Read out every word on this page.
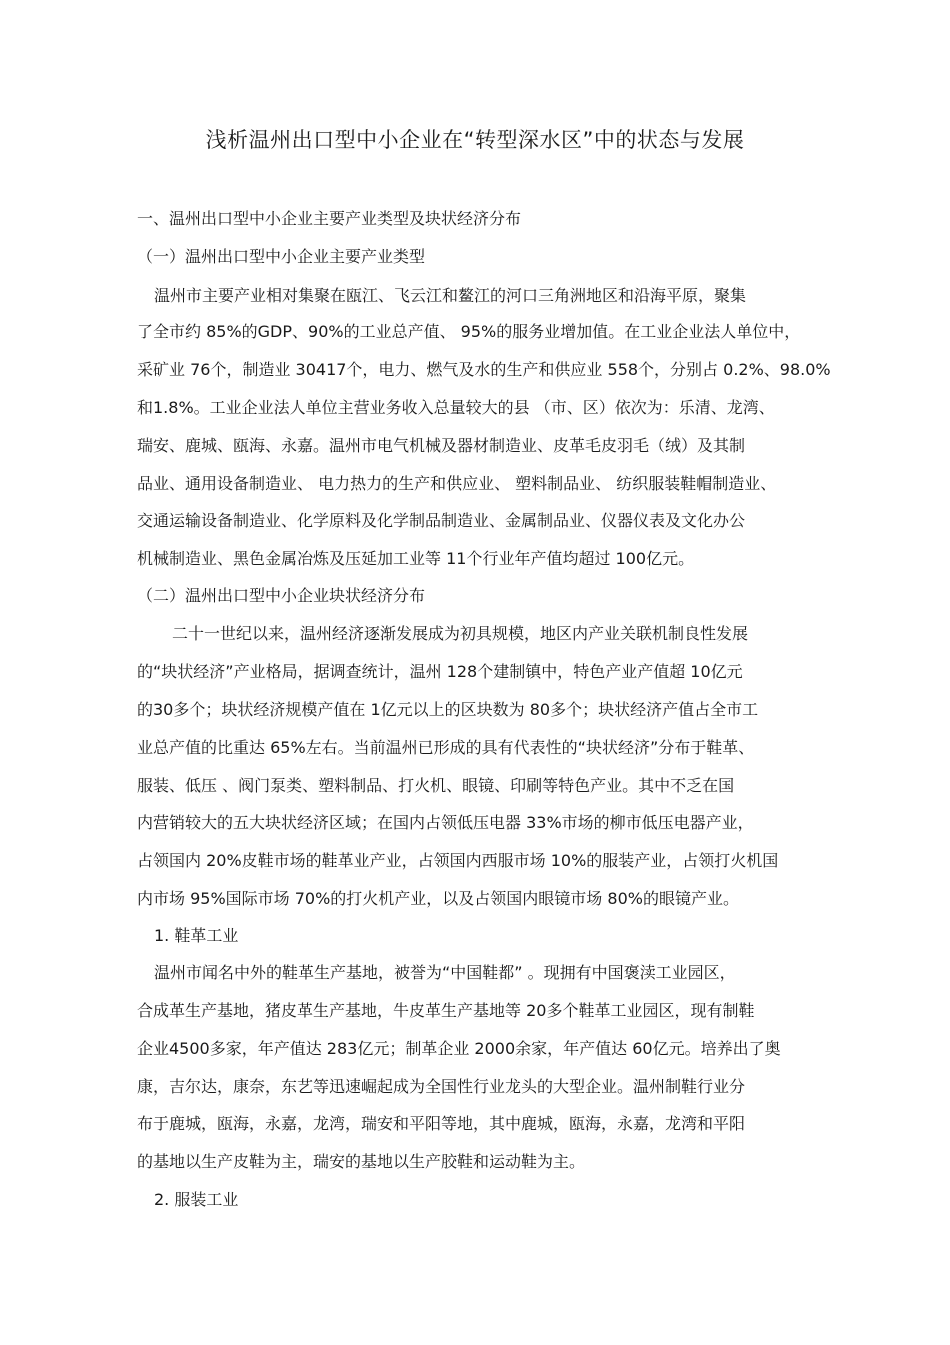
浅析温州出口型中小企业在“转型深水区”中的状态与发展
一、温州出口型中小企业主要产业类型及块状经济分布
（一）温州出口型中小企业主要产业类型
温州市主要产业相对集聚在瓯江、飞云江和鳌江的河口三角洲地区和沿海平原，聚集
了全市约 85%的GDP、90%的工业总产值、 95%的服务业增加值。在工业企业法人单位中，
采矿业 76个，制造业 30417个，电力、燃气及水的生产和供应业 558个，分别占 0.2%、98.0%
和1.8%。工业企业法人单位主营业务收入总量较大的县 （市、区）依次为：乐清、龙湾、
瑞安、鹿城、瓯海、永嘉。温州市电气机械及器材制造业、皮革毛皮羽毛（绒）及其制
品业、通用设备制造业、 电力热力的生产和供应业、 塑料制品业、 纺织服装鞋帽制造业、
交通运输设备制造业、化学原料及化学制品制造业、金属制品业、仪器仪表及文化办公
机械制造业、黑色金属冶炼及压延加工业等 11个行业年产值均超过 100亿元。
（二）温州出口型中小企业块状经济分布
二十一世纪以来，温州经济逐渐发展成为初具规模，地区内产业关联机制良性发展
的“块状经济”产业格局，据调查统计，温州 128个建制镇中，特色产业产值超 10亿元
的30多个；块状经济规模产值在 1亿元以上的区块数为 80多个；块状经济产值占全市工
业总产值的比重达 65%左右。当前温州已形成的具有代表性的“块状经济”分布于鞋革、
服装、低压 、阀门泵类、塑料制品、打火机、眼镜、印刷等特色产业。其中不乏在国
内营销较大的五大块状经济区域；在国内占领低压电器 33%市场的柳市低压电器产业，
占领国内 20%皮鞋市场的鞋革业产业，占领国内西服市场 10%的服装产业，占领打火机国
内市场 95%国际市场 70%的打火机产业，以及占领国内眼镜市场 80%的眼镜产业。
1. 鞋革工业
温州市闻名中外的鞋革生产基地，被誉为“中国鞋都” 。现拥有中国褒渎工业园区，
合成革生产基地，猪皮革生产基地，牛皮革生产基地等 20多个鞋革工业园区，现有制鞋
企业4500多家，年产值达 283亿元；制革企业 2000余家，年产值达 60亿元。培养出了奥
康，吉尔达，康奈，东艺等迅速崛起成为全国性行业龙头的大型企业。温州制鞋行业分
布于鹿城，瓯海，永嘉，龙湾，瑞安和平阳等地，其中鹿城，瓯海，永嘉，龙湾和平阳
的基地以生产皮鞋为主，瑞安的基地以生产胶鞋和运动鞋为主。
2. 服装工业
